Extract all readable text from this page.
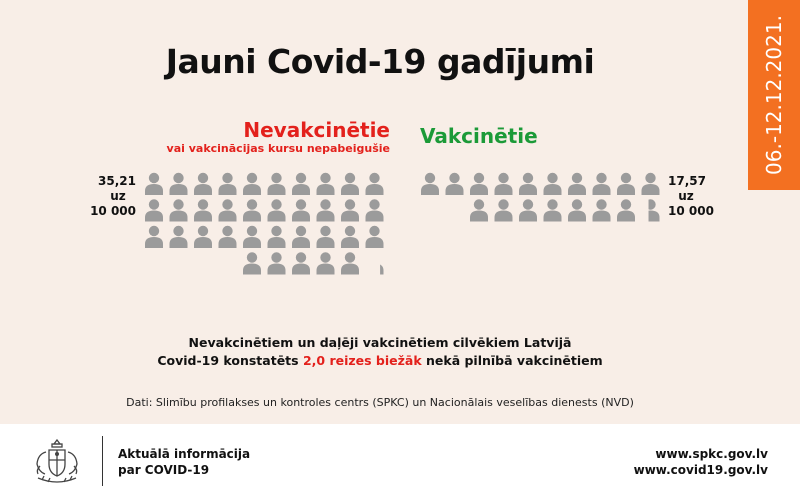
Jauni Covid-19 gadījumi	06.-12.12.2021.
Nevakcinētie
vai vakcinācijas kursu nepabeigušie
Vakcinētie
35,21
uz
10 000
17,57
uz
10 000
Nevakcinētiem un daļēji vakcinētiem cilvēkiem Latvijā
Covid-19 konstatēts 2,0 reizes biežāk nekā pilnībā vakcinētiem
Dati: Slimību profilakses un kontroles centrs (SPKC) un Nacionālais veselības dienests (NVD)
Aktuālā informācija
par COVID-19
www.spkc.gov.lv
www.covid19.gov.lv
